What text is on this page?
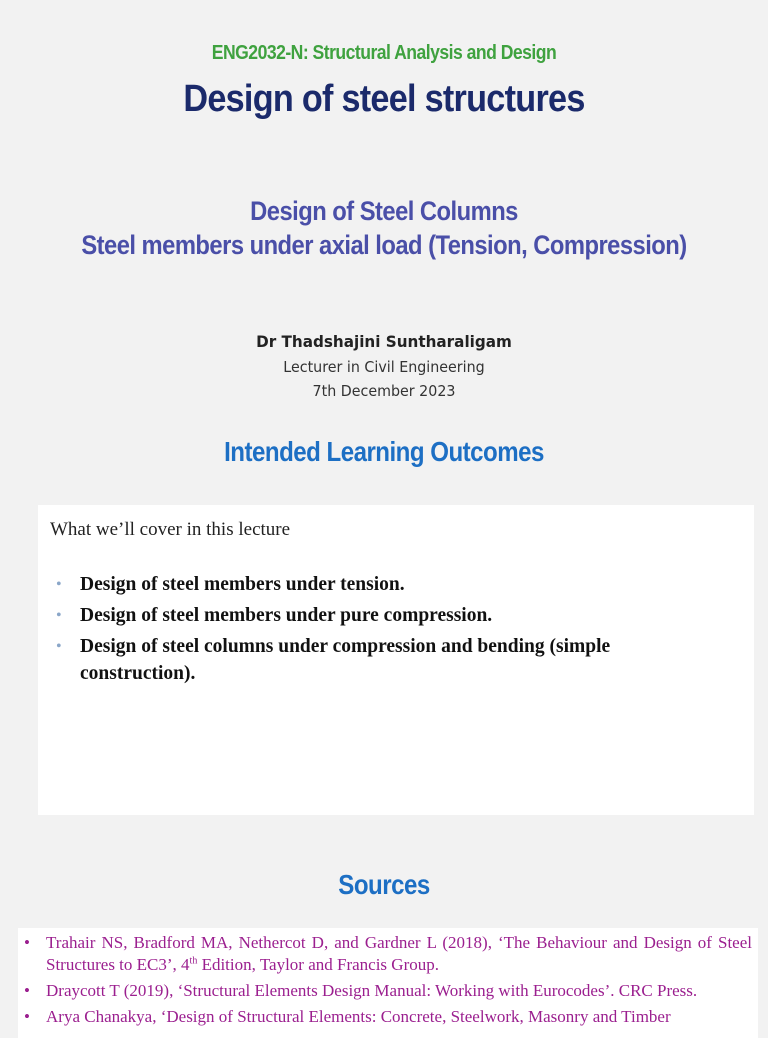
ENG2032-N: Structural Analysis and Design
Design of steel structures
Design of Steel Columns
Steel members under axial load (Tension, Compression)
Dr Thadshajini Suntharaligam
Lecturer in Civil Engineering
7th December 2023
Intended Learning Outcomes

What we’ll cover in this lecture

• Design of steel members under tension.
• Design of steel members under pure compression.
• Design of steel columns under compression and bending (simple construction).
Sources
• Trahair NS, Bradford MA, Nethercot D, and Gardner L (2018), ‘The Behaviour and Design of Steel Structures to EC3’, 4th Edition, Taylor and Francis Group.
• Draycott T (2019), ‘Structural Elements Design Manual: Working with Eurocodes’. CRC Press.
• Arya Chanakya, ‘Design of Structural Elements: Concrete, Steelwork, Masonry and Timber
